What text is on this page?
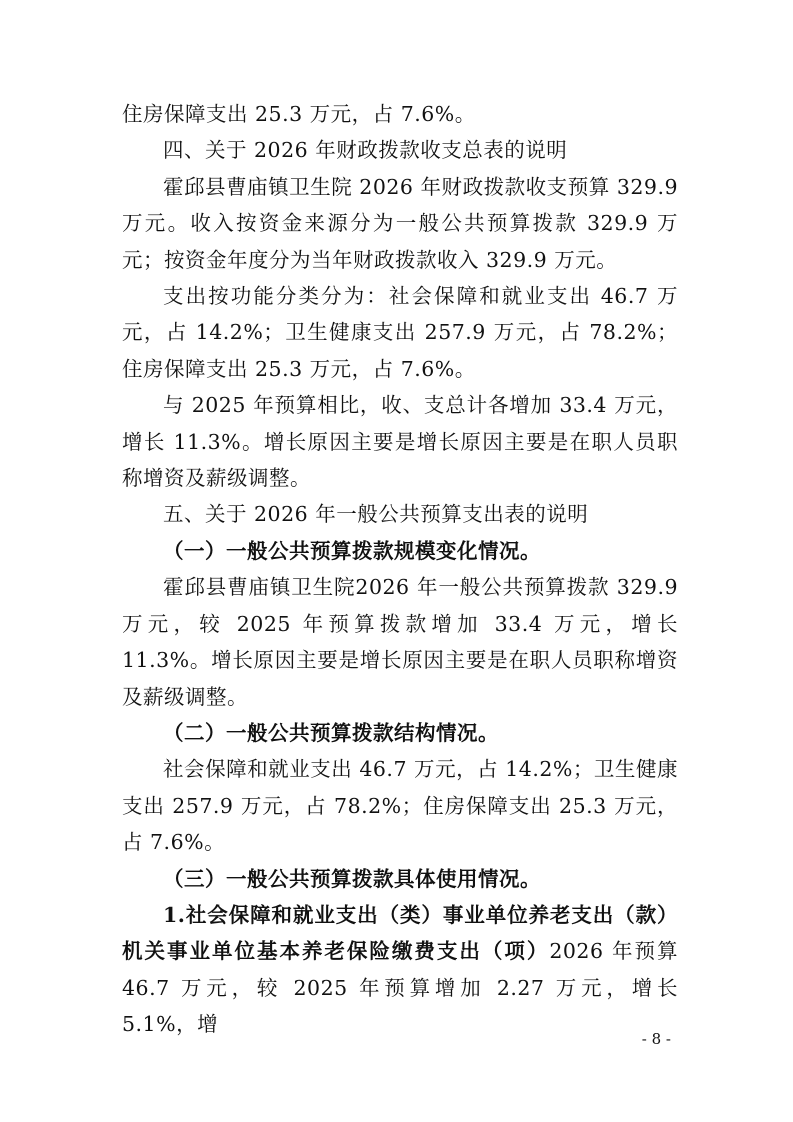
住房保障支出 25.3 万元，占 7.6%。

四、关于 2026 年财政拨款收支总表的说明

霍邱县曹庙镇卫生院 2026 年财政拨款收支预算 329.9 万元。收入按资金来源分为一般公共预算拨款 329.9 万元；按资金年度分为当年财政拨款收入 329.9 万元。

支出按功能分类分为：社会保障和就业支出 46.7 万元，占 14.2%；卫生健康支出 257.9 万元，占 78.2%；住房保障支出 25.3 万元，占 7.6%。

与 2025 年预算相比，收、支总计各增加 33.4 万元，增长 11.3%。增长原因主要是增长原因主要是在职人员职称增资及薪级调整。

五、关于 2026 年一般公共预算支出表的说明

（一）一般公共预算拨款规模变化情况。

霍邱县曹庙镇卫生院2026 年一般公共预算拨款 329.9 万元，较 2025 年预算拨款增加 33.4 万元，增长 11.3%。增长原因主要是增长原因主要是在职人员职称增资及薪级调整。

（二）一般公共预算拨款结构情况。

社会保障和就业支出 46.7 万元，占 14.2%；卫生健康支出 257.9 万元，占 78.2%；住房保障支出 25.3 万元，占 7.6%。

（三）一般公共预算拨款具体使用情况。

1.社会保障和就业支出（类）事业单位养老支出（款）机关事业单位基本养老保险缴费支出（项）2026 年预算 46.7 万元，较 2025 年预算增加 2.27 万元，增长 5.1%，增

- 8 -
